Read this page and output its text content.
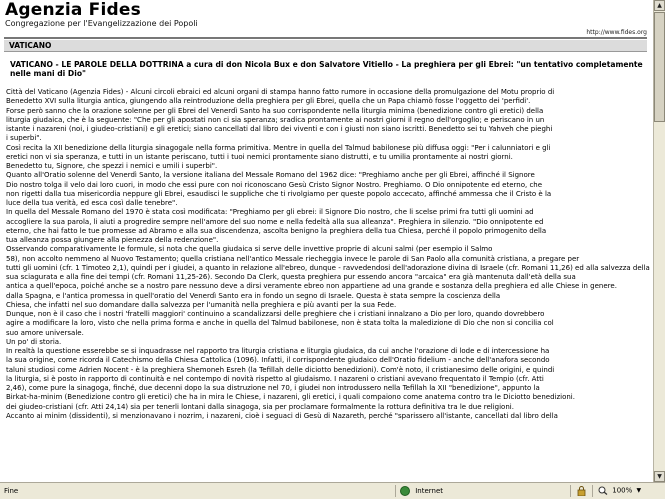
Agenzia Fides
Congregazione per l'Evangelizzazione dei Popoli
http://www.fides.org
VATICANO
VATICANO - LE PAROLE DELLA DOTTRINA a cura di don Nicola Bux e don Salvatore Vitiello - La preghiera per gli Ebrei: "un tentativo completamente nelle mani di Dio"
Città del Vaticano (Agenzia Fides) - Alcuni circoli ebraici ed alcuni organi di stampa hanno fatto rumore in occasione della promulgazione del Motu proprio di
Benedetto XVI sulla liturgia antica, giungendo alla reintroduzione della preghiera per gli Ebrei, quella che un Papa chiamò fosse l'oggetto dei 'perfidi'.
Forse però sanno che la orazione solenne per gli Ebrei del Venerdì Santo ha suo corrispondente nella liturgia minima (benedizione contro gli eretici) della
liturgia giudaica, che è la seguente: "Che per gli apostati non ci sia speranza; sradica prontamente ai nostri giorni il regno dell'orgoglio; e periscano in un
istante i nazareni (noi, i giudeo-cristiani) e gli eretici; siano cancellati dal libro dei viventi e con i giusti non siano iscritti. Benedetto sei tu Yahveh che pieghi
i superbi".
Così recita la XII benedizione della liturgia sinagogale nella forma primitiva. Mentre in quella del Talmud babilonese più diffusa oggi: "Per i calunniatori e gli
eretici non vi sia speranza, e tutti in un istante periscano, tutti i tuoi nemici prontamente siano distrutti, e tu umilia prontamente ai nostri giorni.
Benedetto tu, Signore, che spezzi i nemici e umili i superbi".
Quanto all'Oratio solenne del Venerdì Santo, la versione italiana del Messale Romano del 1962 dice: "Preghiamo anche per gli Ebrei, affinché il Signore
Dio nostro tolga il velo dai loro cuori, in modo che essi pure con noi riconoscano Gesù Cristo Signor Nostro. Preghiamo. O Dio onnipotente ed eterno, che
non rigetti dalla tua misericordia neppure gli Ebrei, esaudisci le suppliche che ti rivolgiamo per queste popolo accecato, affinché ammessa che il Cristo è la
luce della tua verità, ed esca così dalle tenebre".
In quella del Messale Romano del 1970 è stata così modificata: "Preghiamo per gli ebrei: il Signore Dio nostro, che li scelse primi fra tutti gli uomini ad
accogliere la sua parola, li aiuti a progredire sempre nell'amore del suo nome e nella fedeltà alla sua alleanza". Preghiera in silenzio. "Dio onnipotente ed
eterno, che hai fatto le tue promesse ad Abramo e alla sua discendenza, ascolta benigno la preghiera della tua Chiesa, perché il popolo primogenito della
tua alleanza possa giungere alla pienezza della redenzione".
Osservando comparativamente le formule, si nota che quella giudaica si serve delle invettive proprie di alcuni salmi (per esempio il Salmo
58), non accolto nemmeno al Nuovo Testamento; quella cristiana nell'antico Messale riecheggia invece le parole di San Paolo alla comunità cristiana, a pregare per
tutti gli uomini (cfr. 1 Timoteo 2,1), quindi per i giudei, a quanto in relazione all'ebreo, dunque - ravvedendosi dell'adorazione divina di Israele (cfr. Romani 11,26) ed alla salvezza della
sua sciagurata e alla fine dei tempi (cfr. Romani 11,25-26). Secondo Da Clerk, questa preghiera pur essendo ancora "arcaica" era già mantenuta dall'età della sua
antica a quell'epoca, poiché anche se a nostro pare nessuno deve a dirsi veramente ebreo non appartiene ad una grande e sostanza della preghiera ed alle Chiese in genere.
dalla Spagna, e l'antica promessa in quell'oratio del Venerdì Santo era in fondo un segno di Israele. Questa è stata sempre la coscienza della
Chiesa, che infatti nel suo domandare dalla salvezza per l'umanità nella preghiera e più avanti per la sua Fede.
Dunque, non è il caso che i nostri 'fratelli maggiori' continuino a scandalizzarsi delle preghiere che i cristiani innalzano a Dio per loro, quando dovrebbero
agire a modificare la loro, visto che nella prima forma e anche in quella del Talmud babilonese, non è stata tolta la maledizione di Dio che non si concilia col
suo amore universale.
Un po' di storia.
In realtà la questione esserebbe se si inquadrasse nel rapporto tra liturgia cristiana e liturgia giudaica, da cui anche l'orazione di lode e di intercessione ha
la sua origine, come ricorda il Catechismo della Chiesa Cattolica (1096). Infatti, il corrispondente giudaico dell'Oratio fidelium - anche dell'anafora secondo
taluni studiosi come Adrien Nocent - è la preghiera Shemoneh Esreh (la Tefillah delle diciotto benedizioni). Com'è noto, il cristianesimo delle origini, e quindi
la liturgia, si è posto in rapporto di continuità e nel contempo di novità rispetto al giudaismo. I nazareni o cristiani avevano frequentato il Tempio (cfr. Atti
2,46), come pure la sinagoga, finché, due decenni dopo la sua distruzione nel 70, i giudei non introdussero nella Tefillah la XII "benedizione", appunto la
Birkat-ha-minim (Benedizione contro gli eretici) che ha in mira le Chiese, i nazareni, gli eretici, i quali compaiono come anatema contro tra le Diciotto benedizioni.
dei giudeo-cristiani (cfr. Atti 24,14) sia per tenerli lontani dalla sinagoga, sia per proclamare formalmente la rottura definitiva tra le due religioni.
Accanto ai minim (dissidenti), si menzionavano i nozrim, i nazareni, cioè i seguaci di Gesù di Nazareth, perché "sparissero all'istante, cancellati dal libro della
▲
▼
Fine	Internet	100% ▼
